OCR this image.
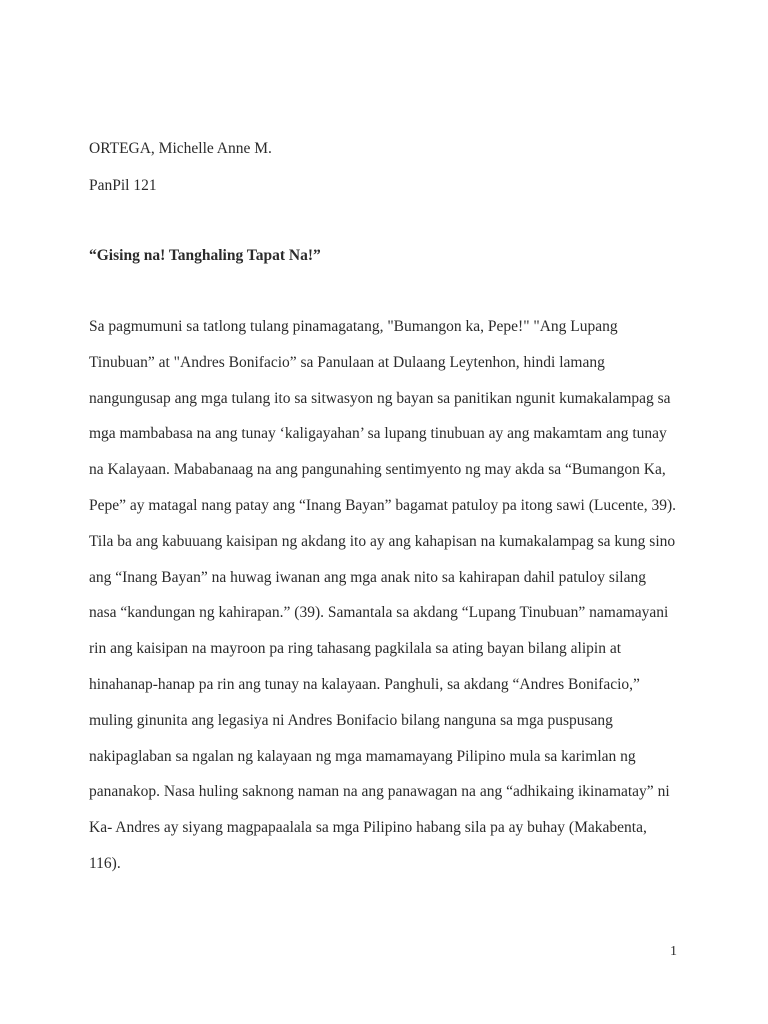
ORTEGA, Michelle Anne M.
PanPil 121
“Gising na! Tanghaling Tapat Na!”
Sa pagmumuni sa tatlong tulang pinamagatang, "Bumangon ka, Pepe!" "Ang Lupang
Tinubuan” at "Andres Bonifacio” sa Panulaan at Dulaang Leytenhon, hindi lamang
nangungusap ang mga tulang ito sa sitwasyon ng bayan sa panitikan ngunit kumakalampag sa
mga mambabasa na ang tunay ‘kaligayahan’ sa lupang tinubuan ay ang makamtam ang tunay
na Kalayaan. Mababanaag na ang pangunahing sentimyento ng may akda sa “Bumangon Ka,
Pepe” ay matagal nang patay ang “Inang Bayan” bagamat patuloy pa itong sawi (Lucente, 39).
Tila ba ang kabuuang kaisipan ng akdang ito ay ang kahapisan na kumakalampag sa kung sino
ang “Inang Bayan” na huwag iwanan ang mga anak nito sa kahirapan dahil patuloy silang
nasa “kandungan ng kahirapan.” (39). Samantala sa akdang “Lupang Tinubuan” namamayani
rin ang kaisipan na mayroon pa ring tahasang pagkilala sa ating bayan bilang alipin at
hinahanap-hanap pa rin ang tunay na kalayaan. Panghuli, sa akdang “Andres Bonifacio,”
muling ginunita ang legasiya ni Andres Bonifacio bilang nanguna sa mga puspusang
nakipaglaban sa ngalan ng kalayaan ng mga mamamayang Pilipino mula sa karimlan ng
pananakop. Nasa huling saknong naman na ang panawagan na ang “adhikaing ikinamatay” ni
Ka- Andres ay siyang magpapaalala sa mga Pilipino habang sila pa ay buhay (Makabenta,
116).
1
